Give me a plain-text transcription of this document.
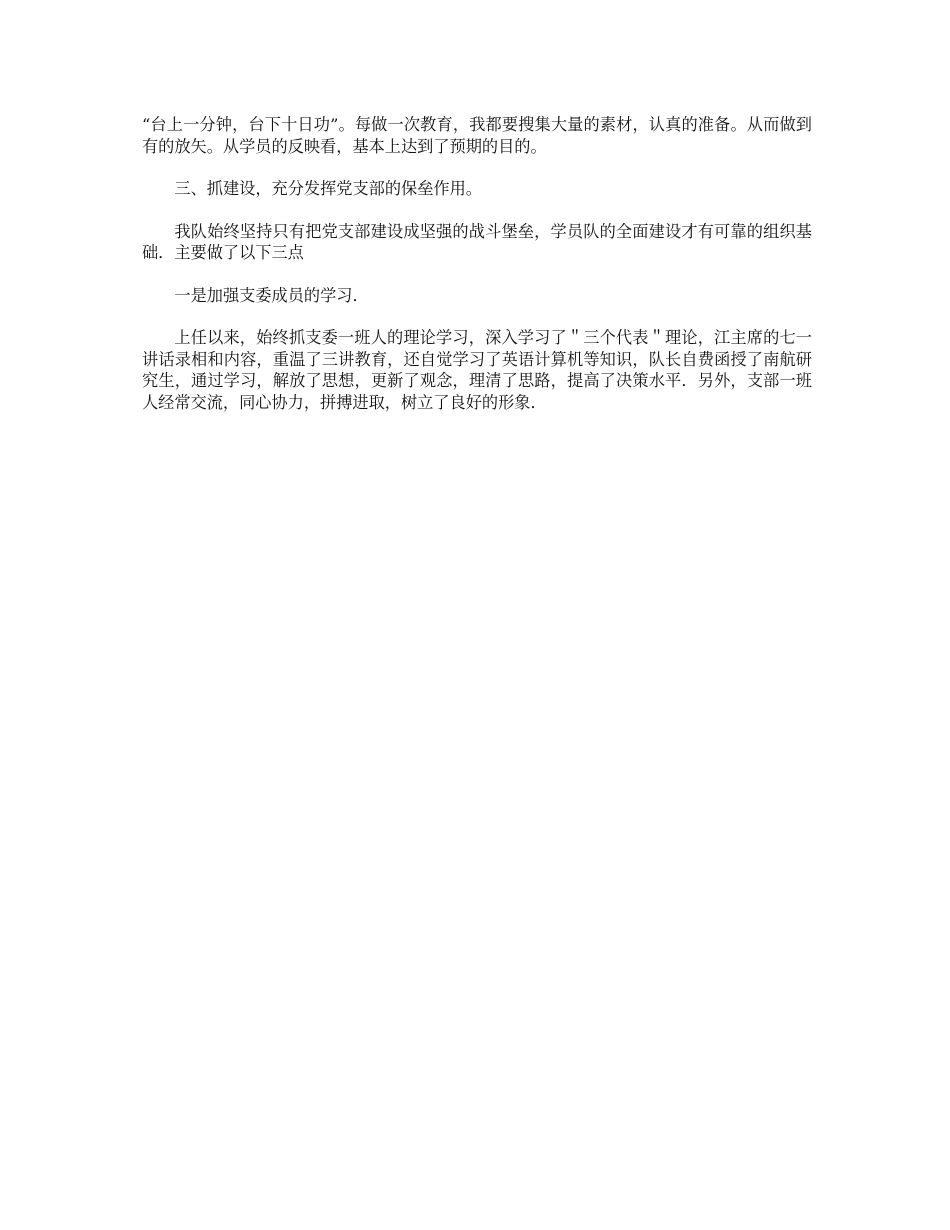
“台上一分钟，台下十日功”。每做一次教育，我都要搜集大量的素材，认真的准备。从而做到有的放矢。从学员的反映看，基本上达到了预期的目的。

三、抓建设，充分发挥党支部的保垒作用。

我队始终坚持只有把党支部建设成坚强的战斗堡垒，学员队的全面建设才有可靠的组织基础．主要做了以下三点

一是加强支委成员的学习．

上任以来，始终抓支委一班人的理论学习，深入学习了＂三个代表＂理论，江主席的七一讲话录相和内容，重温了三讲教育，还自觉学习了英语计算机等知识，队长自费函授了南航研究生，通过学习，解放了思想，更新了观念，理清了思路，提高了决策水平．另外，支部一班人经常交流，同心协力，拼搏进取，树立了良好的形象．
